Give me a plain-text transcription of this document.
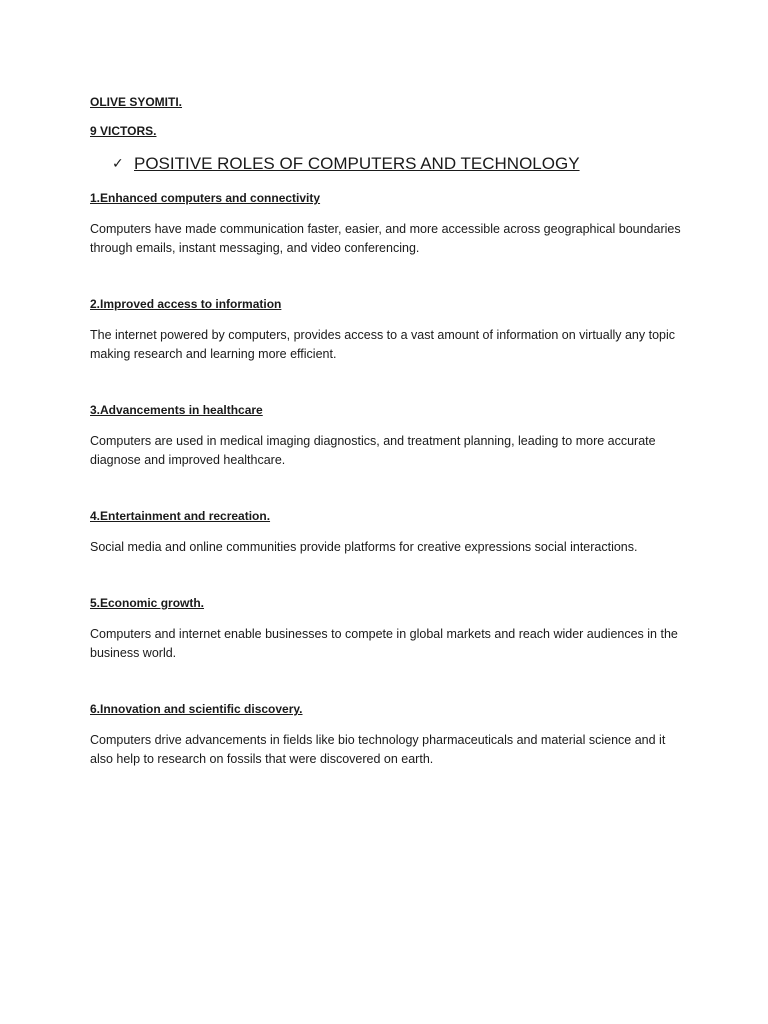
OLIVE SYOMITI.
9 VICTORS.
✓ POSITIVE ROLES OF COMPUTERS AND TECHNOLOGY

1.Enhanced computers and connectivity

Computers have made communication faster, easier, and more accessible across geographical boundaries through emails, instant messaging, and video conferencing.

2.Improved access to information

The internet powered by computers, provides access to a vast amount of information on virtually any topic making research and learning more efficient.

3.Advancements in healthcare

Computers are used in medical imaging diagnostics, and treatment planning, leading to more accurate diagnose and improved healthcare.

4.Entertainment and recreation.

Social media and online communities provide platforms for creative expressions social interactions.

5.Economic growth.

Computers and internet enable businesses to compete in global markets and reach wider audiences in the business world.

6.Innovation and scientific discovery.

Computers drive advancements in fields like bio technology pharmaceuticals and material science and it also help to research on fossils that were discovered on earth.
